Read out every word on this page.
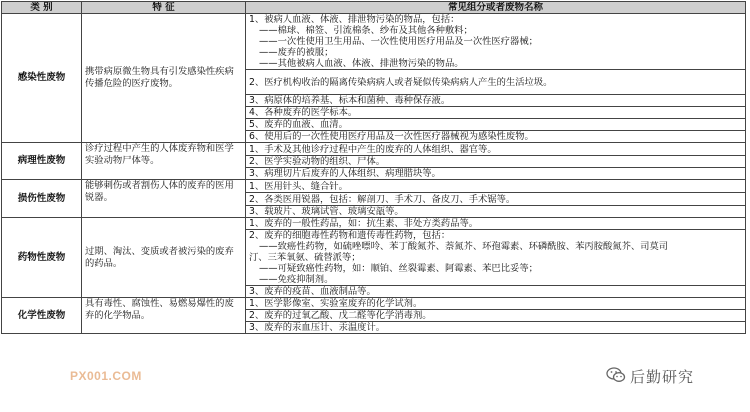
类 别	特 征	常见组分或者废物名称
感染性废物	携带病原微生物具有引发感染性疾病传播危险的医疗废物。	1、被病人血液、体液、排泄物污染的物品，包括：
——棉球、棉签、引流棉条、纱布及其他各种敷料；
——一次性使用卫生用品、一次性使用医疗用品及一次性医疗器械；
——废弃的被服；
——其他被病人血液、体液、排泄物污染的物品。

		2、医疗机构收治的隔离传染病病人或者疑似传染病病人产生的生活垃圾。
		3、病原体的培养基、标本和菌种、毒种保存液。
		4、各种废弃的医学标本。
		5、废弃的血液、血清。
		6、使用后的一次性使用医疗用品及一次性医疗器械视为感染性废物。
病理性废物	诊疗过程中产生的人体废弃物和医学实验动物尸体等。	1、手术及其他诊疗过程中产生的废弃的人体组织、器官等。
		2、医学实验动物的组织、尸体。
		3、病理切片后废弃的人体组织、病理腊块等。
损伤性废物	能够刺伤或者割伤人体的废弃的医用锐器。	1、医用针头、缝合针。
		2、各类医用锐器，包括：解剖刀、手术刀、备皮刀、手术锯等。
		3、载玻片、玻璃试管、玻璃安瓿等。
药物性废物	过期、淘汰、变质或者被污染的废弃的药品。	1、废弃的一般性药品，如：抗生素、非处方类药品等。

		2、废弃的细胞毒性药物和遗传毒性药物，包括：
——致癌性药物，如硫唑嘌呤、苯丁酸氮芥、萘氮芥、环孢霉素、环磷酰胺、苯丙胺酸氮芥、司莫司
汀、三苯氧氨、硫替派等；
——可疑致癌性药物，如：顺铂、丝裂霉素、阿霉素、苯巴比妥等；
——免疫抑制剂。

		3、废弃的疫苗、血液制品等。
化学性废物	具有毒性、腐蚀性、易燃易爆性的废弃的化学物品。	1、医学影像室、实验室废弃的化学试剂。
		2、废弃的过氧乙酸、戊二醛等化学消毒剂。
		3、废弃的汞血压计、汞温度计。
PX001.COM	后勤研究
